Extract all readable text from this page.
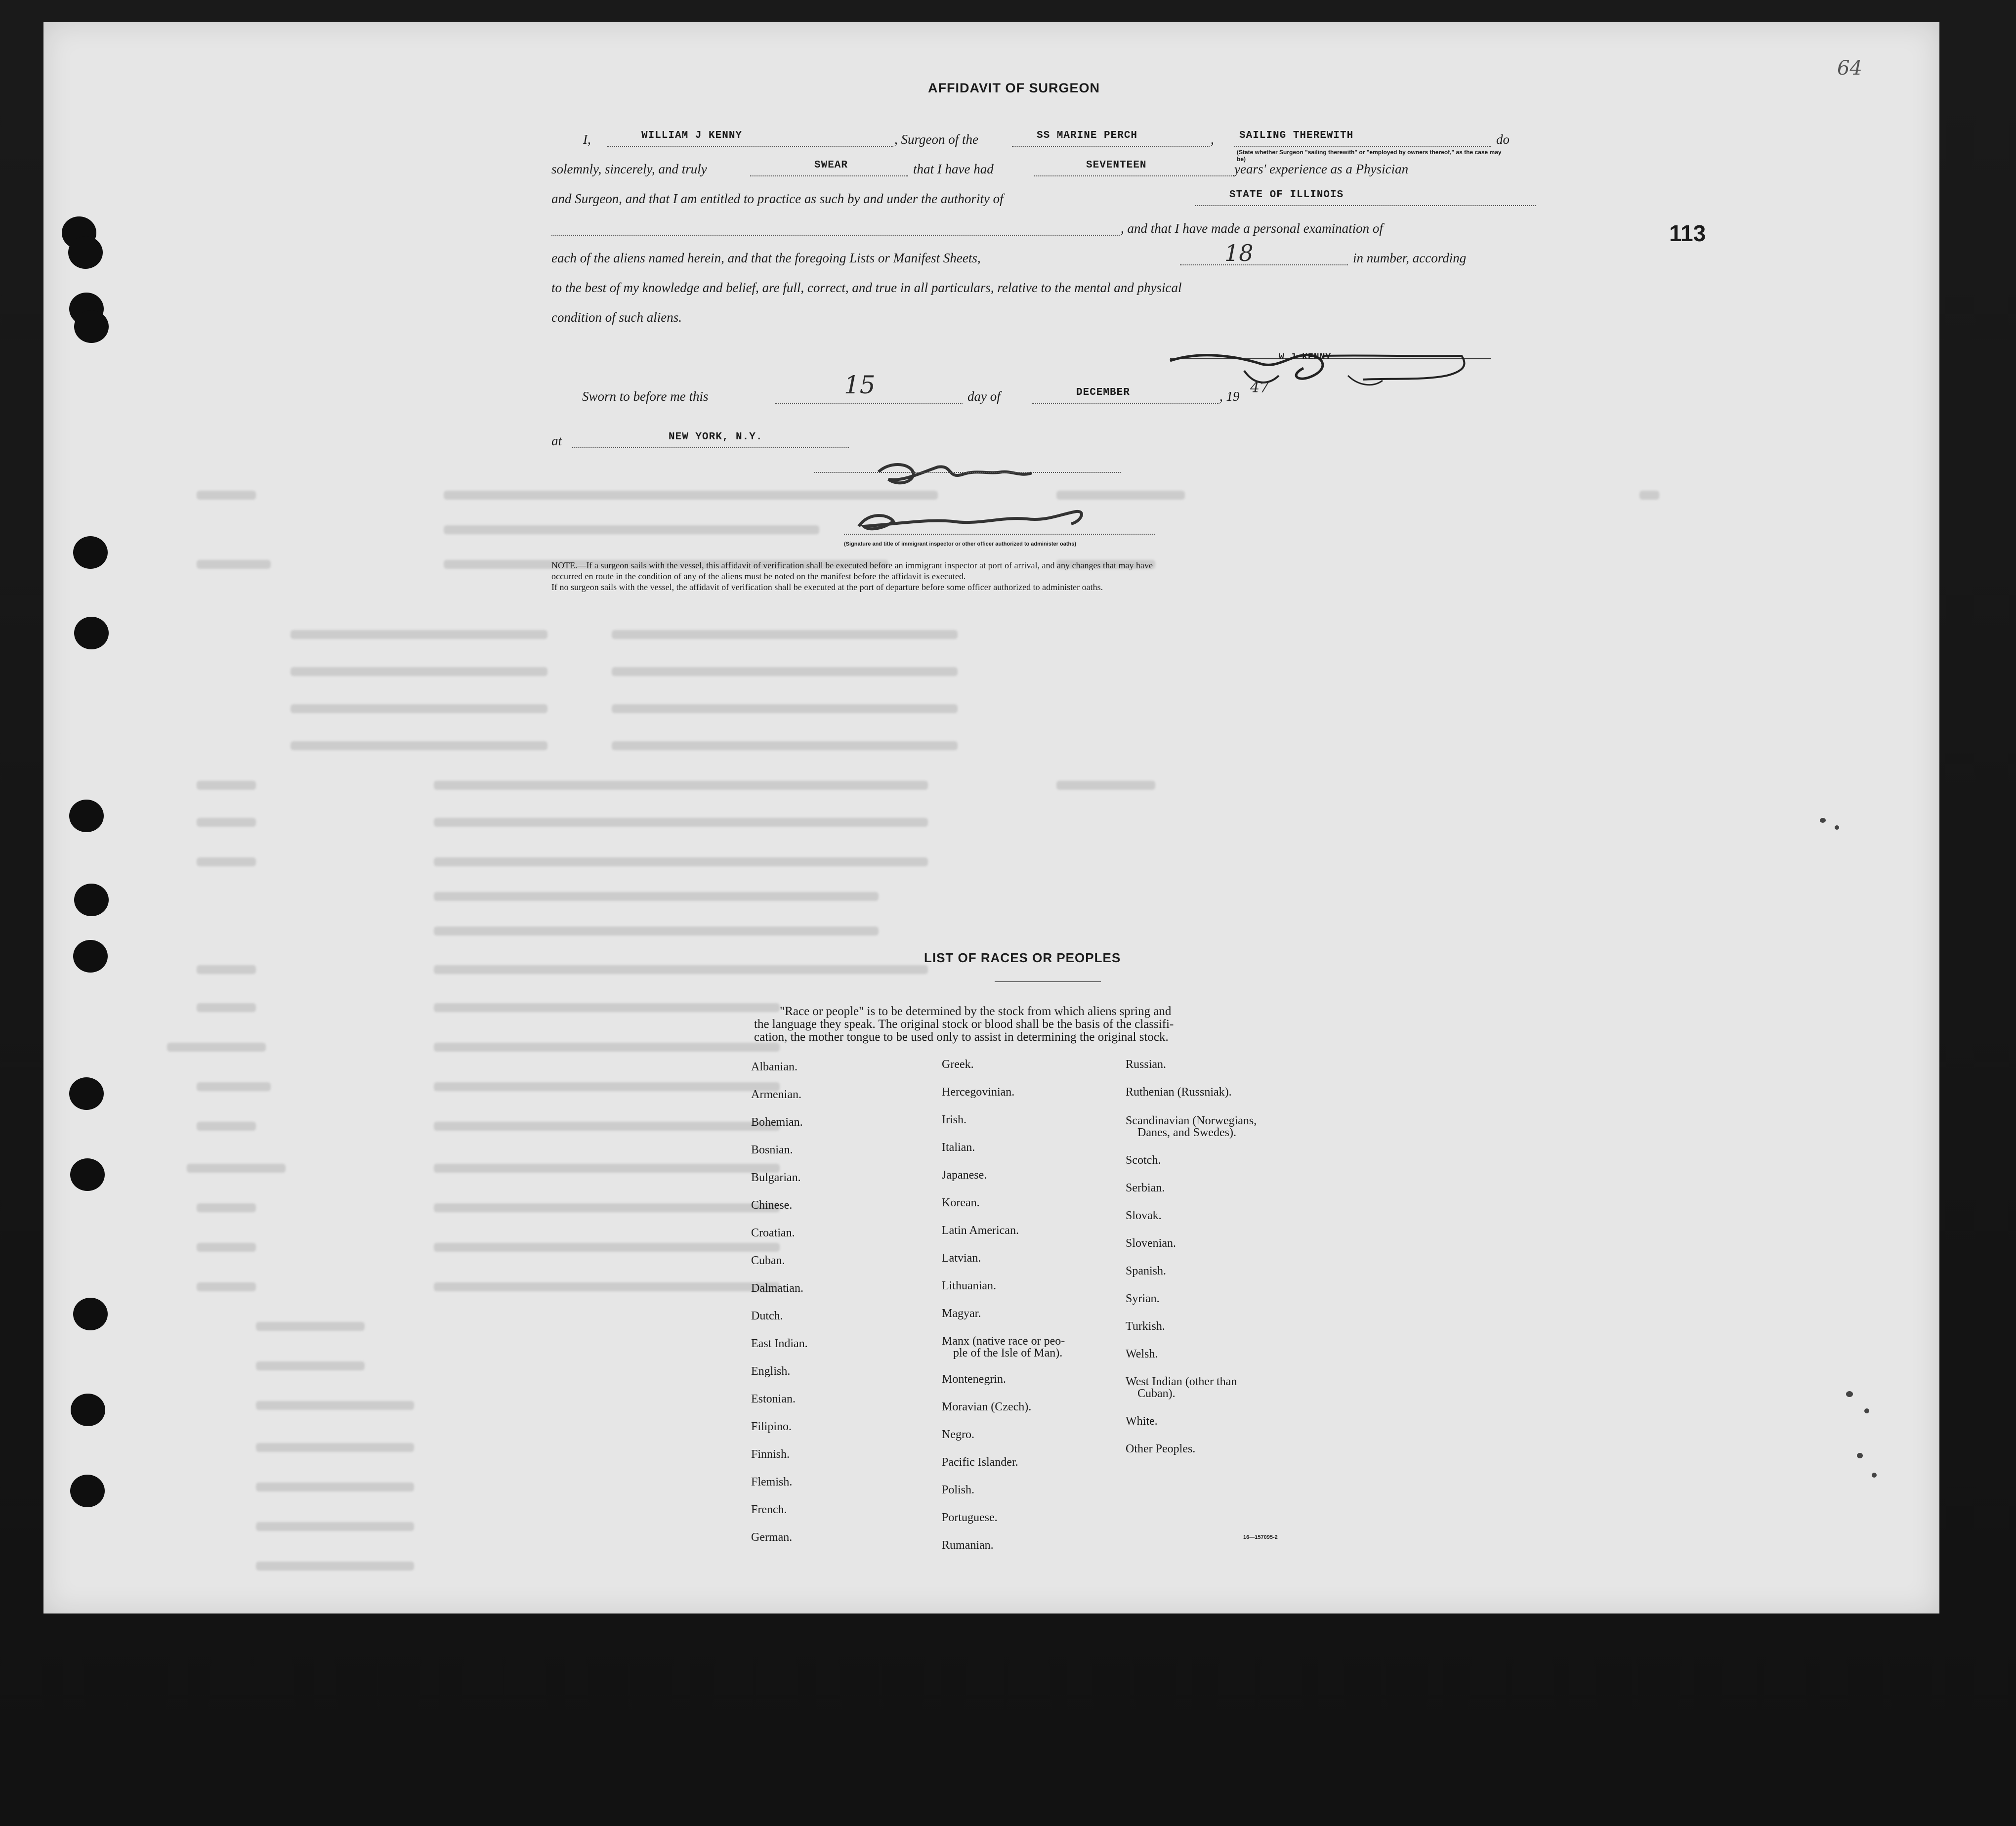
64
113
AFFIDAVIT OF SURGEON
I,	WILLIAM J KENNY	, Surgeon of the	SS MARINE PERCH	, SAILING THEREWITH
(State whether Surgeon "sailing therewith" or "employed by owners thereof," as the case may be)
do
solemnly, sincerely, and truly	SWEAR	that I have had	SEVENTEEN	years' experience as a Physician
and Surgeon, and that I am entitled to practice as such by and under the authority of	STATE OF ILLINOIS
, and that I have made a personal examination of
each of the aliens named herein, and that the foregoing Lists or Manifest Sheets,	18	in number, according
to the best of my knowledge and belief, are full, correct, and true in all particulars, relative to the mental and physical
condition of such aliens.
W J KENNY
Sworn to before me this	15	day of	DECEMBER	, 19 47
at	NEW YORK, N.Y.
(Signature and title of immigrant inspector or other officer authorized to administer oaths)
NOTE.—If a surgeon sails with the vessel, this affidavit of verification shall be executed before an immigrant inspector at port of arrival, and any changes that may have
occurred en route in the condition of any of the aliens must be noted on the manifest before the affidavit is executed.
If no surgeon sails with the vessel, the affidavit of verification shall be executed at the port of departure before some officer authorized to administer oaths.
LIST OF RACES OR PEOPLES
"Race or people" is to be determined by the stock from which aliens spring and
the language they speak. The original stock or blood shall be the basis of the classifi-
cation, the mother tongue to be used only to assist in determining the original stock.
Albanian.
Armenian.
Bohemian.
Bosnian.
Bulgarian.
Chinese.
Croatian.
Cuban.
Dalmatian.
Dutch.
East Indian.
English.
Estonian.
Filipino.
Finnish.
Flemish.
French.
German.
Greek.
Hercegovinian.
Irish.
Italian.
Japanese.
Korean.
Latin American.
Latvian.
Lithuanian.
Magyar.
Manx (native race or peo-
ple of the Isle of Man).
Montenegrin.
Moravian (Czech).
Negro.
Pacific Islander.
Polish.
Portuguese.
Rumanian.
Russian.
Ruthenian (Russniak).
Scandinavian (Norwegians,
Danes, and Swedes).
Scotch.
Serbian.
Slovak.
Slovenian.
Spanish.
Syrian.
Turkish.
Welsh.
West Indian (other than
Cuban).
White.
Other Peoples.
16—157095-2
